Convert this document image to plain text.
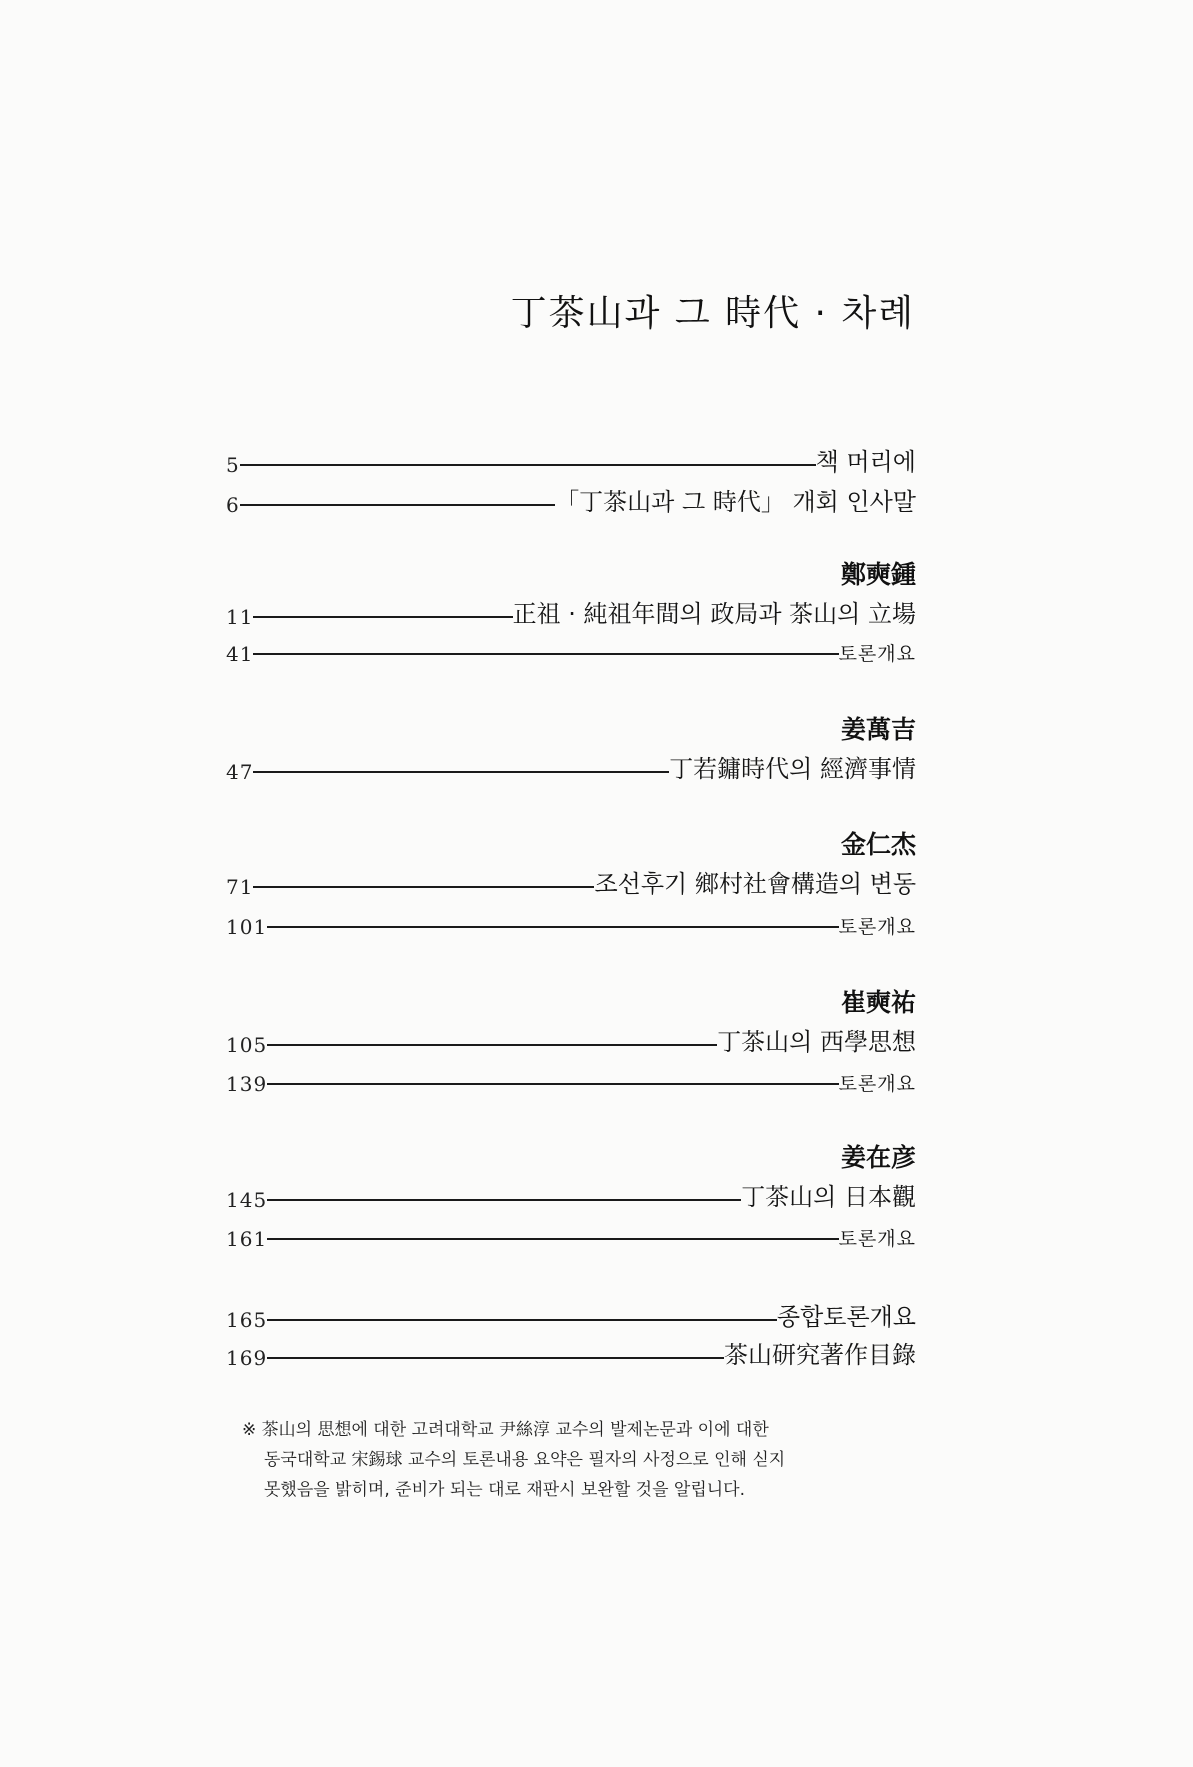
丁茶山과 그 時代 · 차례
5	책 머리에
6	「丁茶山과 그 時代」 개회 인사말
鄭奭鍾
11	正祖 · 純祖年間의 政局과 茶山의 立場
41	토론개요
姜萬吉
47	丁若鏞時代의 經濟事情
金仁杰
71	조선후기 鄉村社會構造의 변동
101	토론개요
崔奭祐
105	丁茶山의 西學思想
139	토론개요
姜在彦
145	丁茶山의 日本觀
161	토론개요
165	종합토론개요
169	茶山研究著作目錄
※ 茶山의 思想에 대한 고려대학교 尹絲淳 교수의 발제논문과 이에 대한
동국대학교 宋錫球 교수의 토론내용 요약은 필자의 사정으로 인해 싣지
못했음을 밝히며, 준비가 되는 대로 재판시 보완할 것을 알립니다.
